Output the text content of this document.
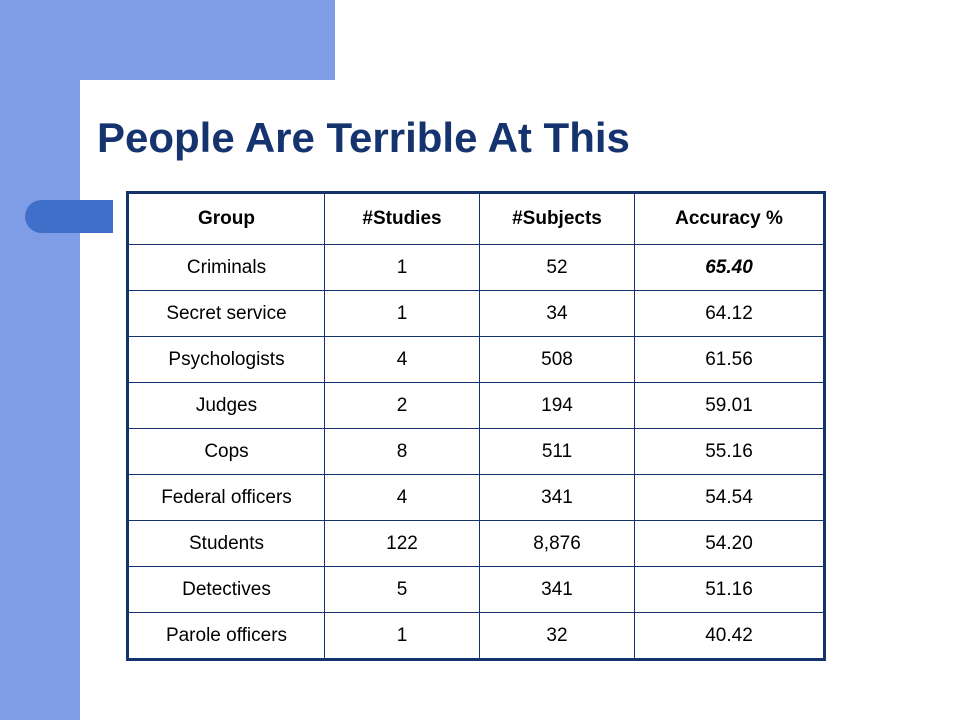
People Are Terrible At This
Group	#Studies	#Subjects	Accuracy %
Criminals	1	52	65.40
Secret service	1	34	64.12
Psychologists	4	508	61.56
Judges	2	194	59.01
Cops	8	511	55.16
Federal officers	4	341	54.54
Students	122	8,876	54.20
Detectives	5	341	51.16
Parole officers	1	32	40.42
